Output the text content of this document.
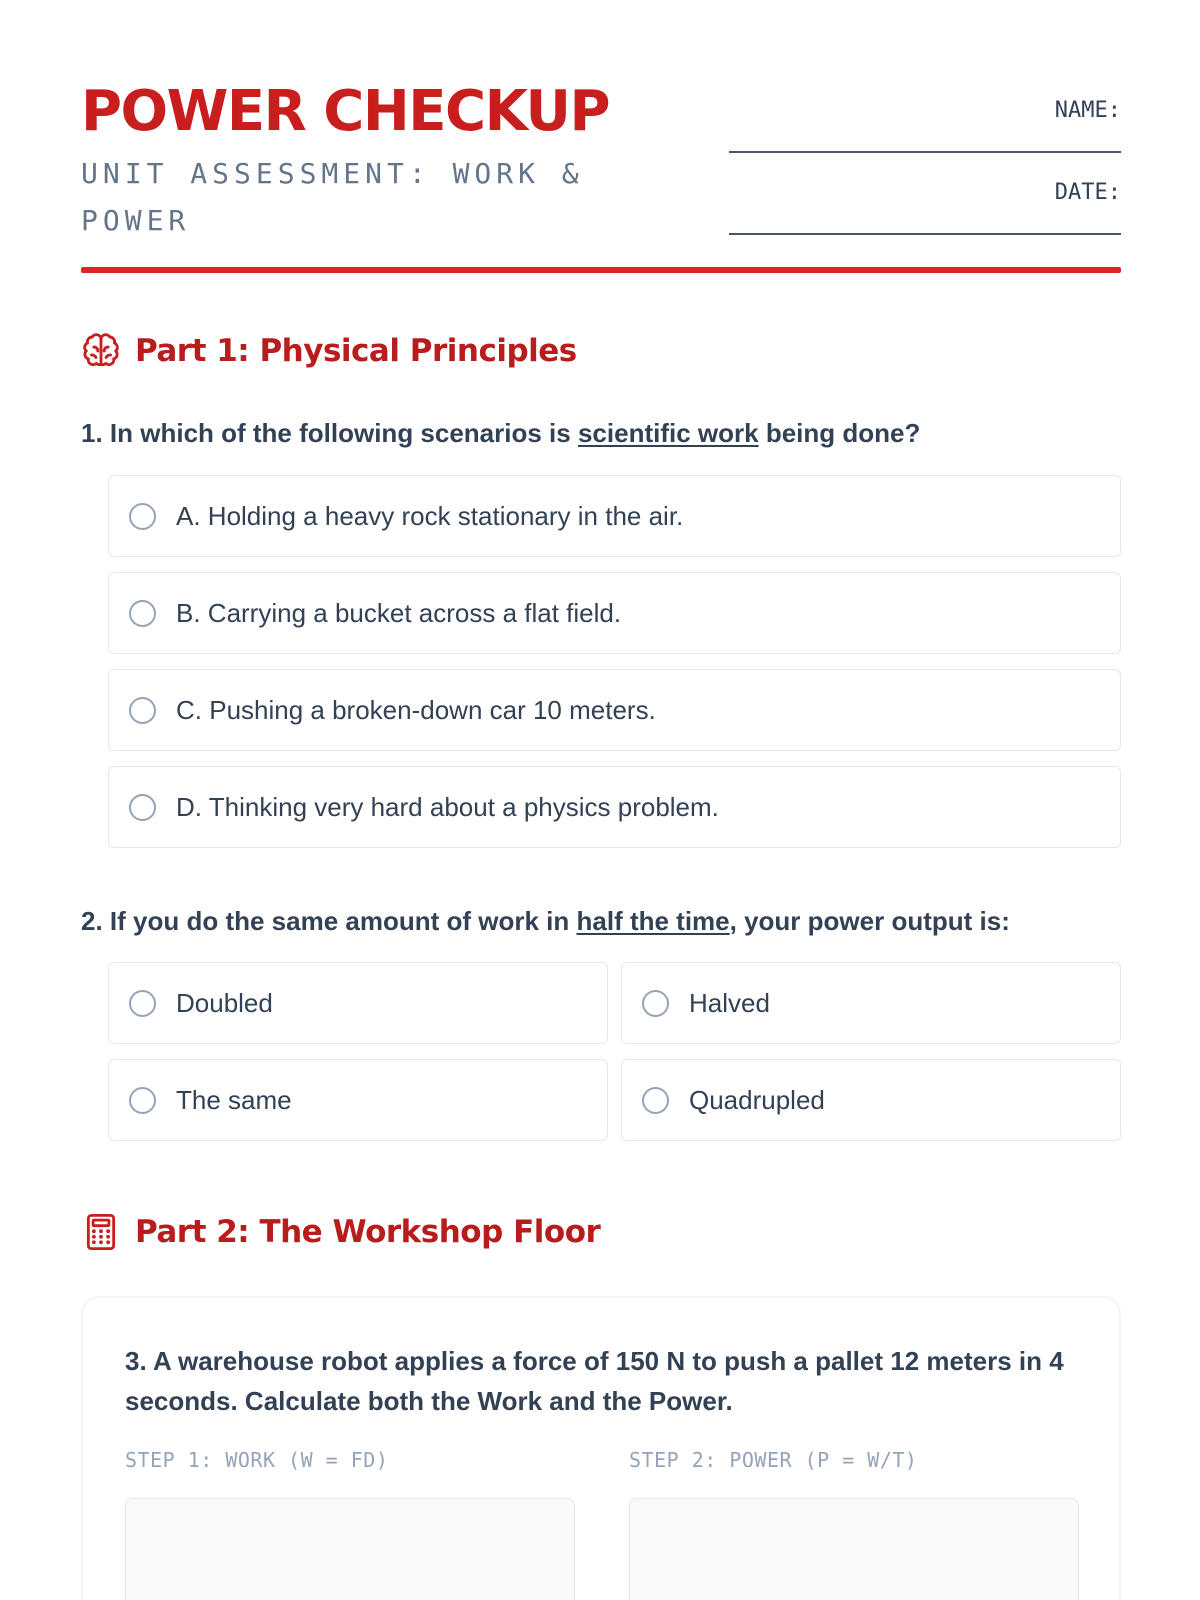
POWER CHECKUP
UNIT ASSESSMENT: WORK & POWER
NAME:
DATE:
Part 1: Physical Principles
1. In which of the following scenarios is scientific work being done?
A. Holding a heavy rock stationary in the air.
B. Carrying a bucket across a flat field.
C. Pushing a broken-down car 10 meters.
D. Thinking very hard about a physics problem.
2. If you do the same amount of work in half the time, your power output is:
Doubled	Halved
The same	Quadrupled
Part 2: The Workshop Floor
3. A warehouse robot applies a force of 150 N to push a pallet 12 meters in 4 seconds. Calculate both the Work and the Power.
STEP 1: WORK (W = FD)	STEP 2: POWER (P = W/T)
